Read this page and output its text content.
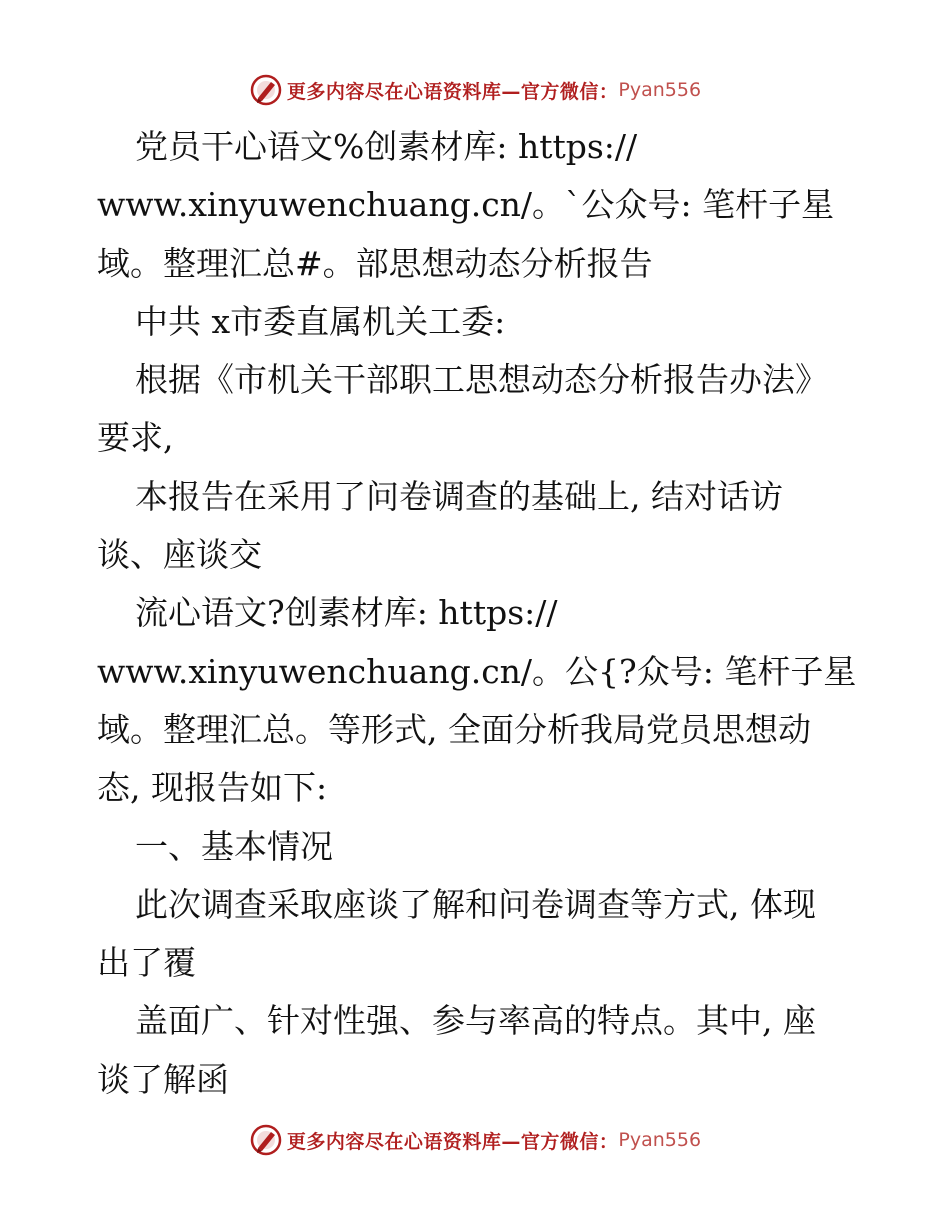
更多内容尽在心语资料库—官方微信： Pyan556
党员干心语文%创素材库: https://
www.xinyuwenchuang.cn/。`公众号: 笔杆子星
域。整理汇总#。部思想动态分析报告
中共 x市委直属机关工委:
根据《市机关干部职工思想动态分析报告办法》
要求,
本报告在采用了问卷调查的基础上, 结对话访
谈、座谈交
流心语文?创素材库: https://
www.xinyuwenchuang.cn/。公{?众号: 笔杆子星
域。整理汇总。等形式, 全面分析我局党员思想动
态, 现报告如下:
一、基本情况
此次调查采取座谈了解和问卷调查等方式, 体现
出了覆
盖面广、针对性强、参与率高的特点。其中, 座
谈了解函
更多内容尽在心语资料库—官方微信： Pyan556
